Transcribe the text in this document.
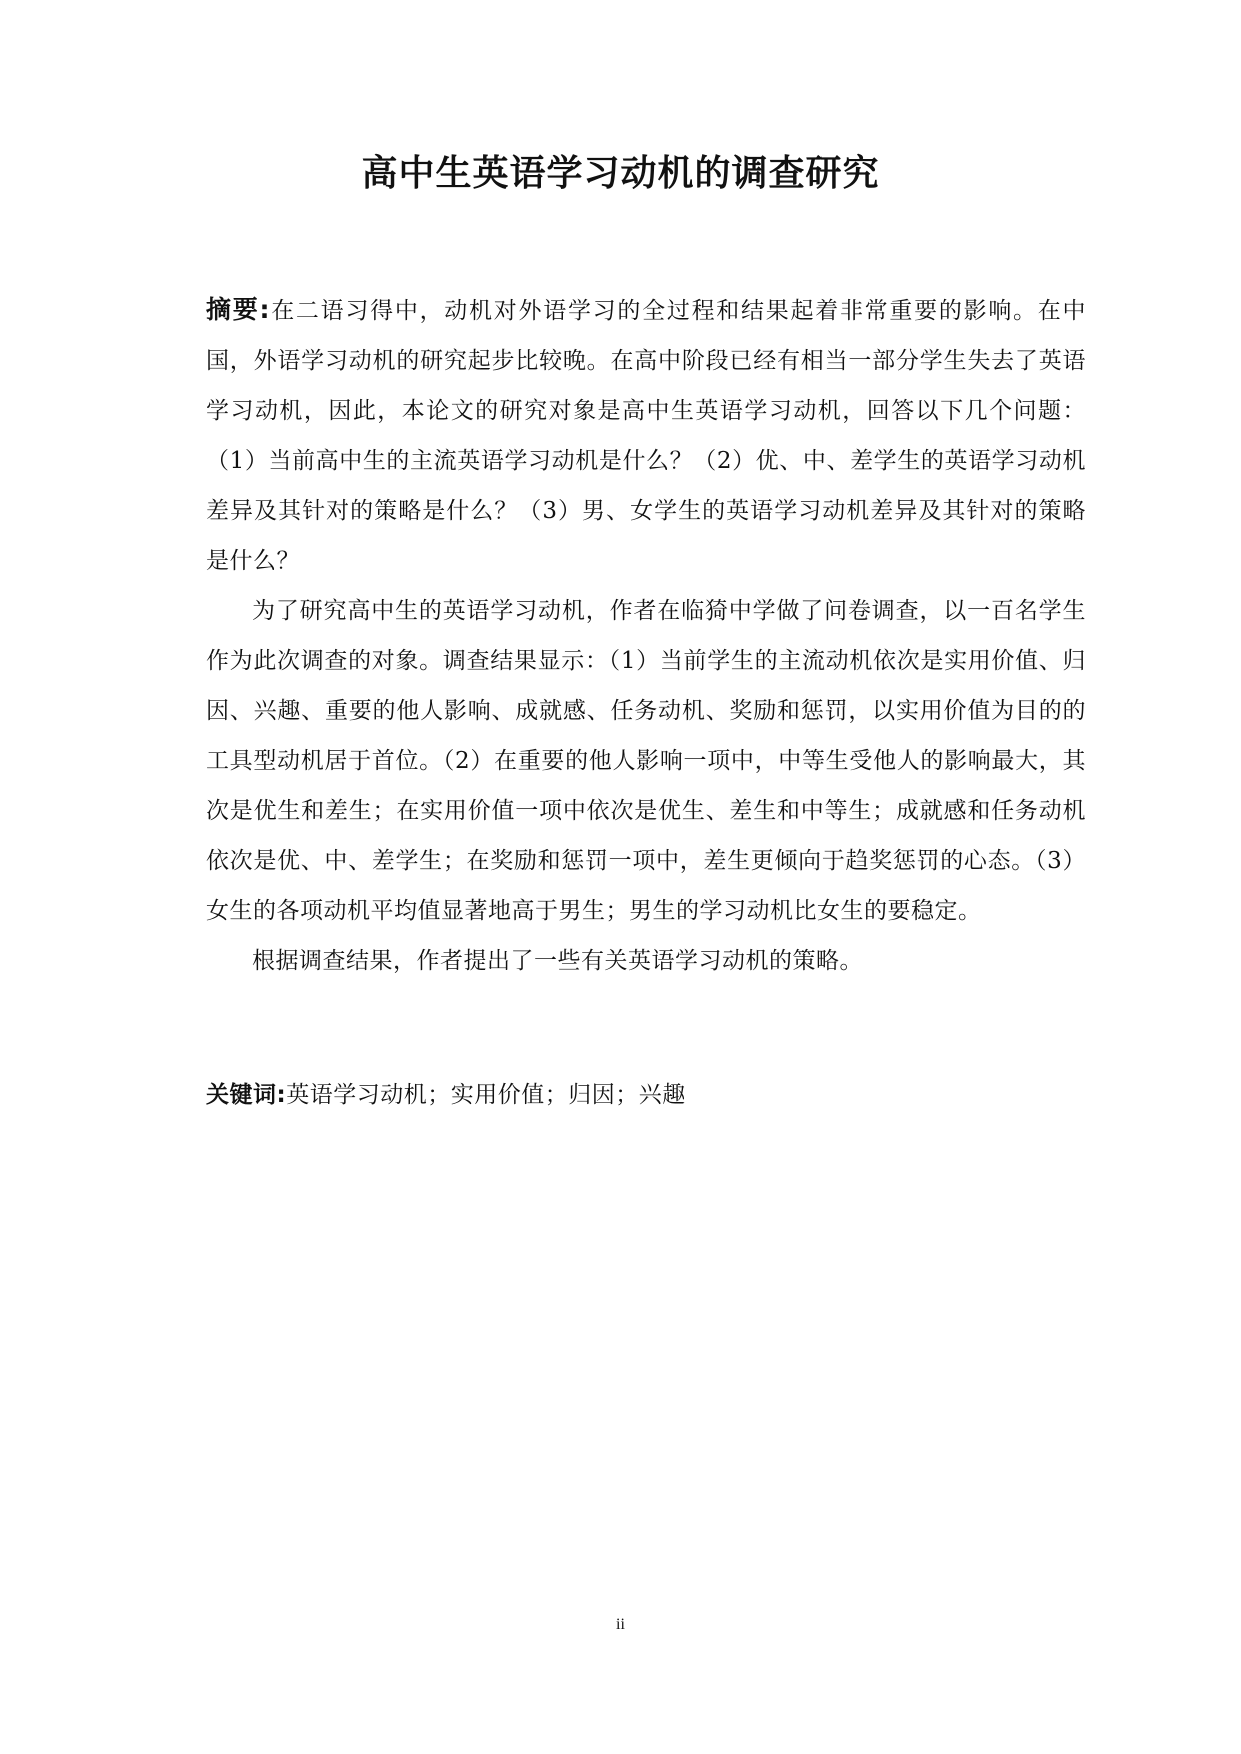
高中生英语学习动机的调查研究

摘要:在二语习得中，动机对外语学习的全过程和结果起着非常重要的影响。在中国，外语学习动机的研究起步比较晚。在高中阶段已经有相当一部分学生失去了英语学习动机，因此，本论文的研究对象是高中生英语学习动机，回答以下几个问题：（1）当前高中生的主流英语学习动机是什么？（2）优、中、差学生的英语学习动机差异及其针对的策略是什么？（3）男、女学生的英语学习动机差异及其针对的策略是什么？

为了研究高中生的英语学习动机，作者在临猗中学做了问卷调查，以一百名学生作为此次调查的对象。调查结果显示：（1）当前学生的主流动机依次是实用价值、归因、兴趣、重要的他人影响、成就感、任务动机、奖励和惩罚，以实用价值为目的的工具型动机居于首位。（2）在重要的他人影响一项中，中等生受他人的影响最大，其次是优生和差生；在实用价值一项中依次是优生、差生和中等生；成就感和任务动机依次是优、中、差学生；在奖励和惩罚一项中，差生更倾向于趋奖惩罚的心态。（3）女生的各项动机平均值显著地高于男生；男生的学习动机比女生的要稳定。

根据调查结果，作者提出了一些有关英语学习动机的策略。

关键词:英语学习动机；实用价值；归因；兴趣
ii
